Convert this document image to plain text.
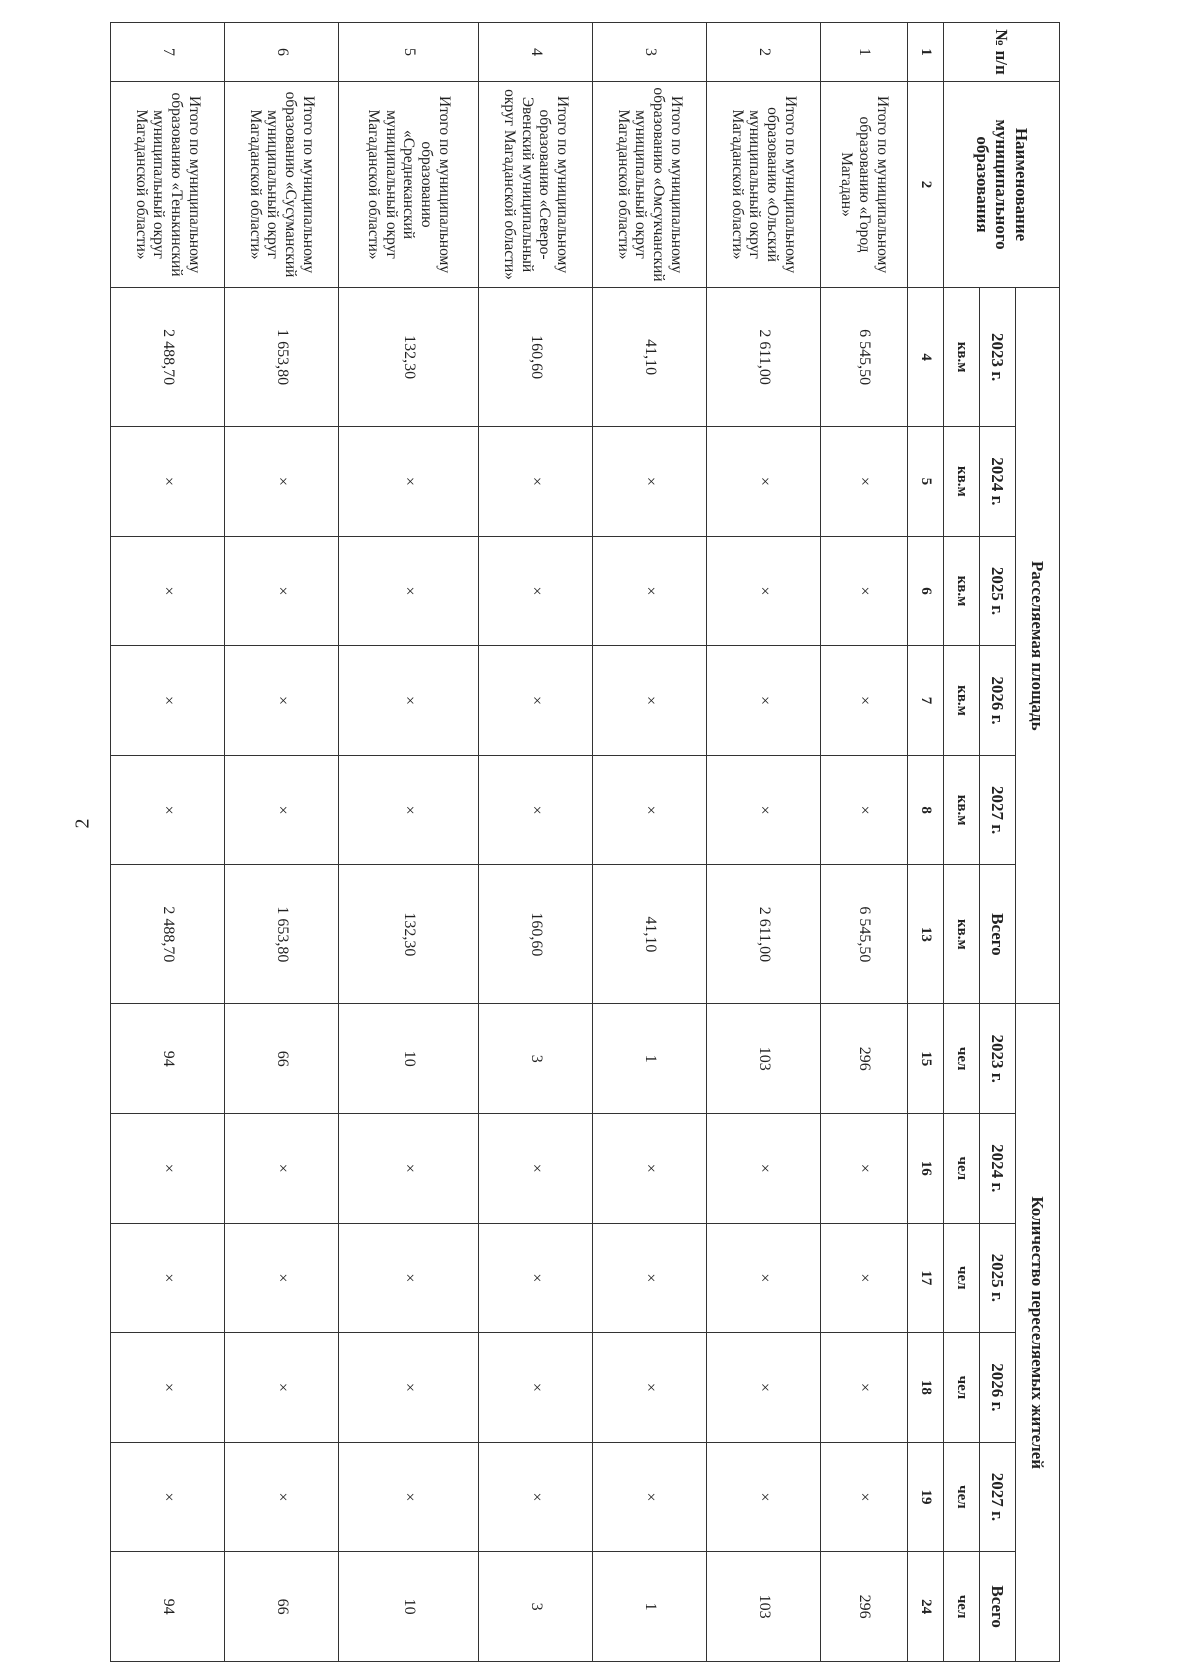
2
№ п/п	Наименование муниципального образования	Расселяемая площадь						Количество переселяемых жителей					
		2023 г.	2024 г.	2025 г.	2026 г.	2027 г.	Всего	2023 г.	2024 г.	2025 г.	2026 г.	2027 г.	Всего
		кв.м	кв.м	кв.м	кв.м	кв.м	кв.м	чел	чел	чел	чел	чел	чел
1	2	4	5	6	7	8	13	15	16	17	18	19	24
1	Итого по муниципальному образованию «Город Магадан»	6 545,50	×	×	×	×	6 545,50	296	×	×	×	×	296
2	Итого по муниципальному образованию «Ольский муниципальный округ Магаданской области»	2 611,00	×	×	×	×	2 611,00	103	×	×	×	×	103
3	Итого по муниципальному образованию «Омсукчанский муниципальный округ Магаданской области»	41,10	×	×	×	×	41,10	1	×	×	×	×	1
4	Итого по муниципальному образованию «Северо-Эвенский муниципальный округ Магаданской области»	160,60	×	×	×	×	160,60	3	×	×	×	×	3
5	Итого по муниципальному образованию «Среднеканский муниципальный округ Магаданской области»	132,30	×	×	×	×	132,30	10	×	×	×	×	10
6	Итого по муниципальному образованию «Сусуманский муниципальный округ Магаданской области»	1 653,80	×	×	×	×	1 653,80	66	×	×	×	×	66
7	Итого по муниципальному образованию «Тенькинский муниципальный округ Магаданской области»	2 488,70	×	×	×	×	2 488,70	94	×	×	×	×	94
